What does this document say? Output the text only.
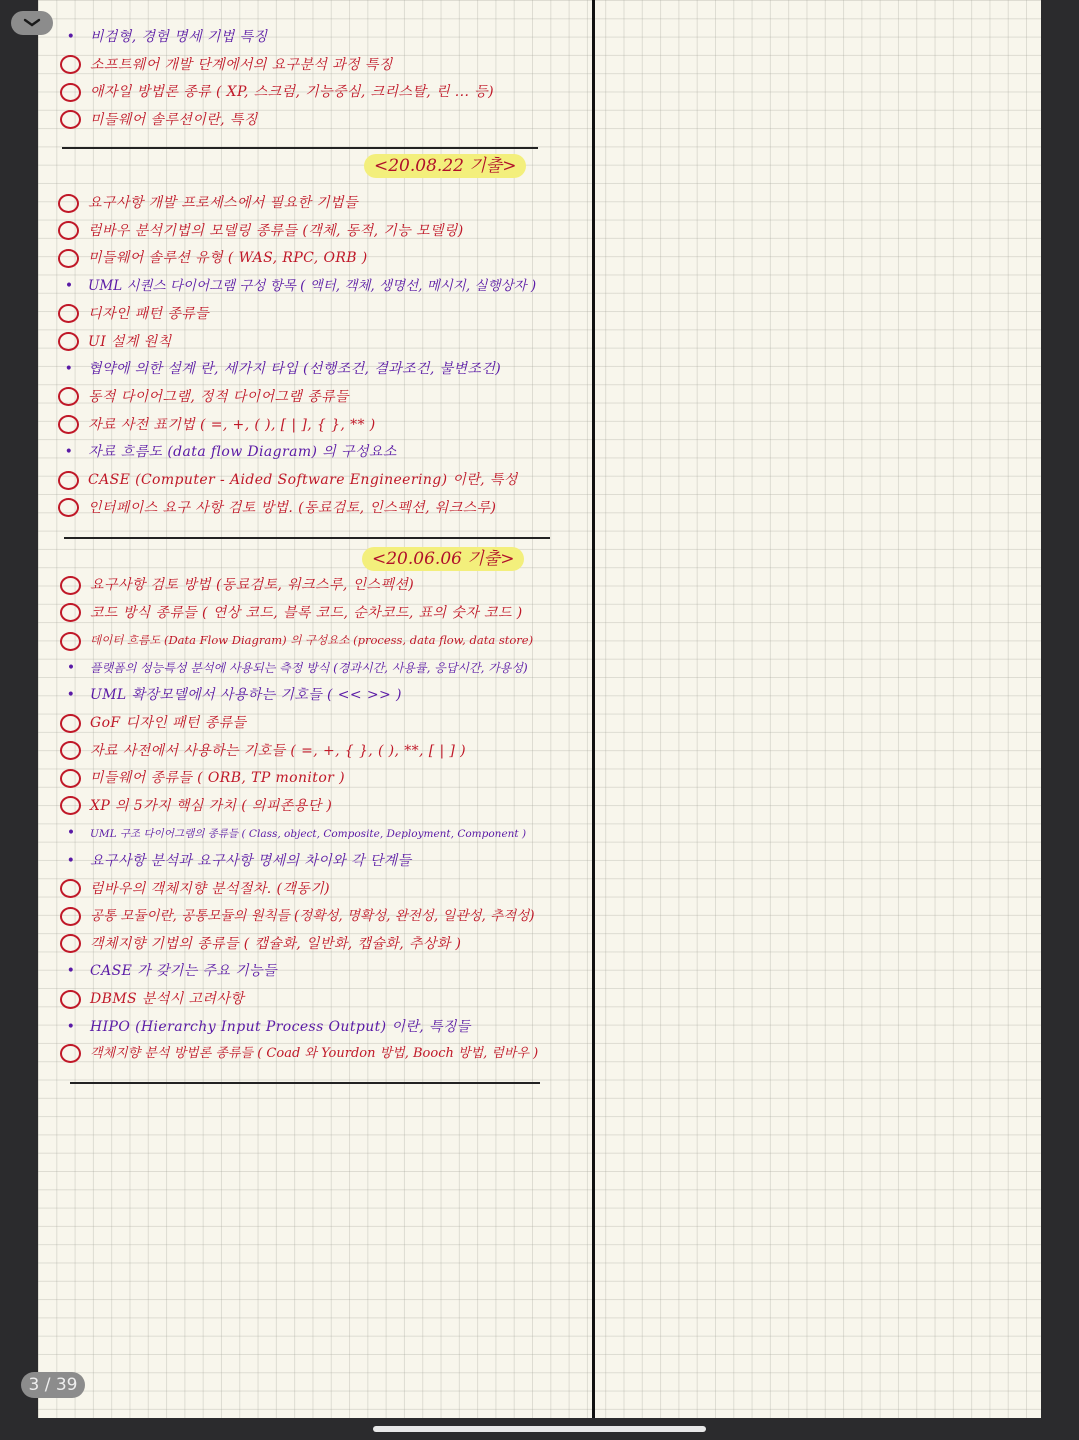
• 비검형, 경험 명세 기법 특징
소프트웨어 개발 단계에서의 요구분석 과정 특징
애자일 방법론 종류 ( XP, 스크럼, 기능중심, 크리스탈, 린 ... 등)
미들웨어 솔루션이란, 특징
<20.08.22 기출>
요구사항 개발 프로세스에서 필요한 기법들
럼바우 분석기법의 모델링 종류들 (객체, 동적, 기능 모델링)
미들웨어 솔루션 유형 ( WAS, RPC, ORB )
• UML 시퀀스 다이어그램 구성 항목 ( 액터, 객체, 생명선, 메시지, 실행상자 )
디자인 패턴 종류들
UI 설계 원칙
• 협약에 의한 설계 란, 세가지 타입 (선행조건, 결과조건, 불변조건)
동적 다이어그램, 정적 다이어그램 종류들
자료 사전 표기법 ( =, +, ( ), [ | ], { }, ** )
• 자료 흐름도 (data flow Diagram) 의 구성요소
CASE (Computer - Aided Software Engineering) 이란, 특성
인터페이스 요구 사항 검토 방법. (동료검토, 인스펙션, 워크스루)
<20.06.06 기출>
요구사항 검토 방법 (동료검토, 워크스루, 인스펙션)
코드 방식 종류들 ( 연상 코드, 블록 코드, 순차코드, 표의 숫자 코드 )
데이터 흐름도 (Data Flow Diagram) 의 구성요소 (process, data flow, data store)
• 플랫폼의 성능특성 분석에 사용되는 측정 방식 (경과시간, 사용률, 응답시간, 가용성)
• UML 확장모델에서 사용하는 기호들 ( << >> )
GoF 디자인 패턴 종류들
자료 사전에서 사용하는 기호들 ( =, +, { }, ( ), **, [ | ] )
미들웨어 종류들 ( ORB, TP monitor )
XP 의 5가지 핵심 가치 ( 의피존용단 )
• UML 구조 다이어그램의 종류들 ( Class, object, Composite, Deployment, Component )
• 요구사항 분석과 요구사항 명세의 차이와 각 단계들
럼바우의 객체지향 분석절차. (객동기)
공통 모듈이란, 공통모듈의 원칙들 (정확성, 명확성, 완전성, 일관성, 추적성)
객체지향 기법의 종류들 ( 캡슐화, 일반화, 캡슐화, 추상화 )
• CASE 가 갖기는 주요 기능들
DBMS 분석시 고려사항
• HIPO (Hierarchy Input Process Output) 이란, 특징들
객체지향 분석 방법론 종류들 ( Coad 와 Yourdon 방법, Booch 방법, 럼바우 )
3 / 39
